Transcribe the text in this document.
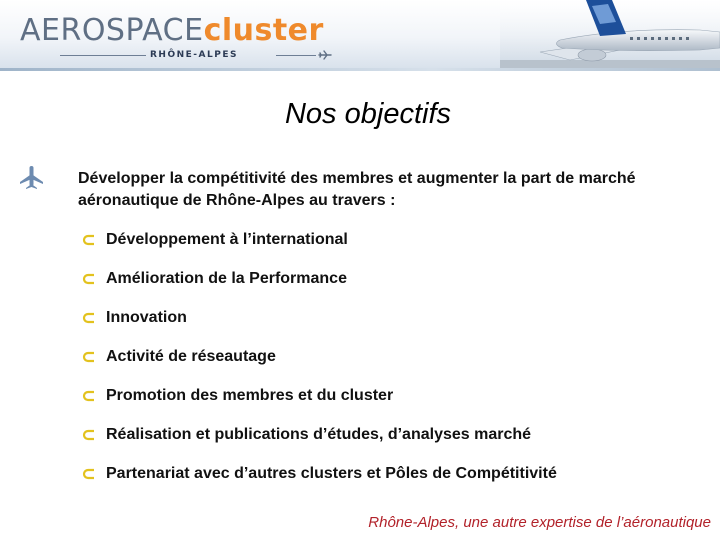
AEROSPACEcluster
RHÔNE-ALPES
Nos objectifs
Développer la compétitivité des membres et augmenter la part de marché aéronautique de Rhône-Alpes au travers :
Développement à l’international
Amélioration de la Performance
Innovation
Activité de réseautage
Promotion des membres et du cluster
Réalisation et publications d’études, d’analyses marché
Partenariat avec d’autres clusters et Pôles de Compétitivité
Rhône-Alpes, une autre expertise de l’aéronautique
